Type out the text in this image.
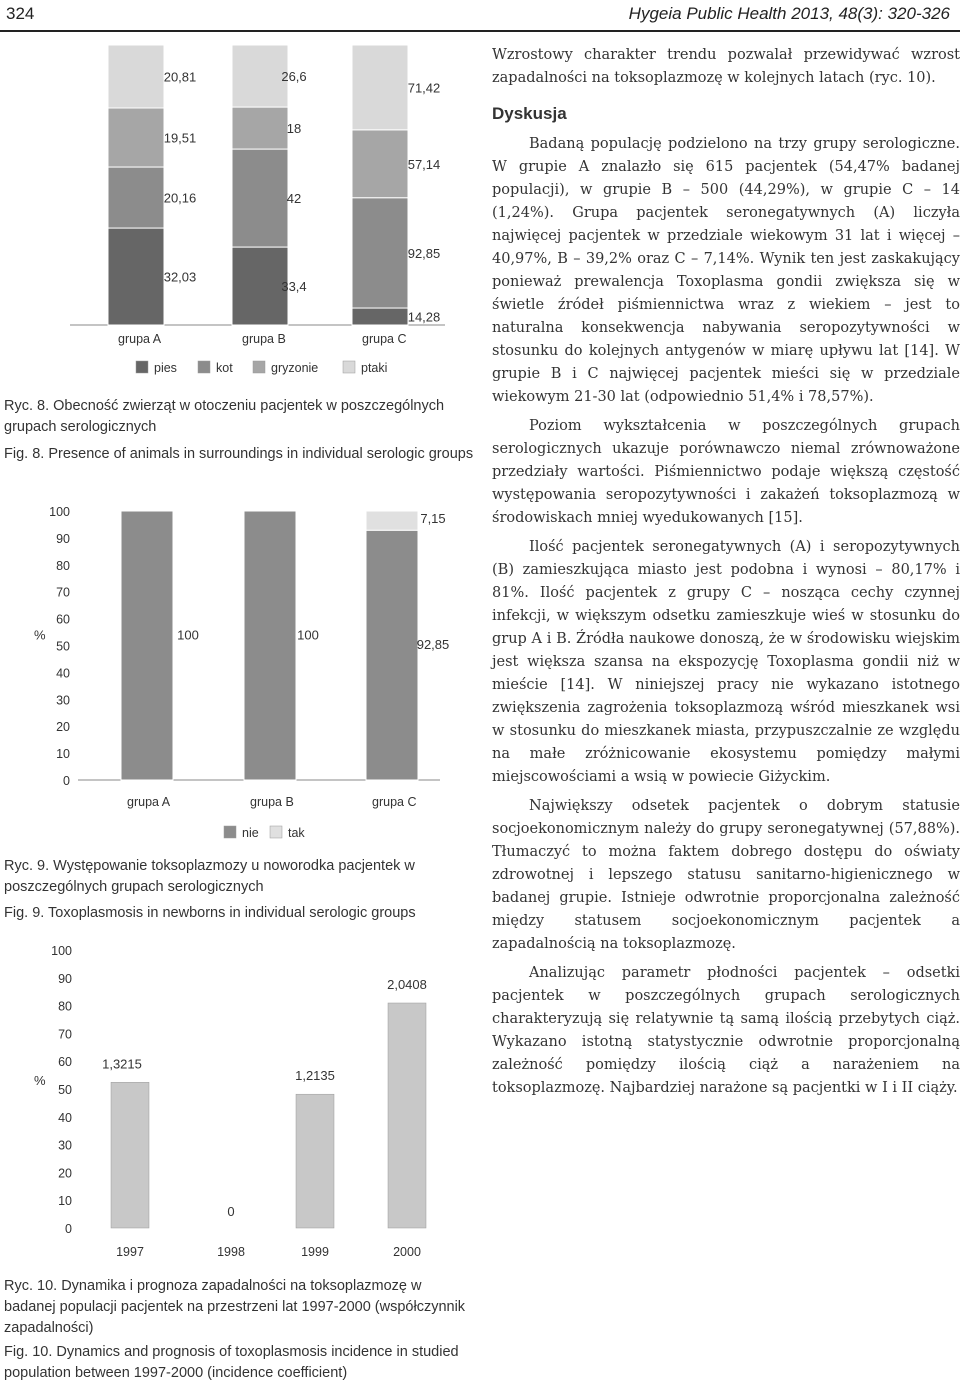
324	Hygeia Public Health 2013, 48(3): 320-326
32,03
20,16
19,51
20,81
grupa A
33,4
42
18
26,6
grupa B
14,28
92,85
57,14
71,42
grupa C
pies	kot	gryzonie	ptaki

Ryc. 8. Obecność zwierząt w otoczeniu pacjentek w poszczególnych grupach serologicznych

Fig. 8. Presence of animals in surroundings in individual serologic groups

0
10
20
30
40
50
60
70
80
90
100
%	100
grupa A
100
grupa B
92,85
7,15
grupa C
nie tak

Ryc. 9. Występowanie toksoplazmozy u noworodka pacjentek w poszczególnych grupach serologicznych

Fig. 9. Toxoplasmosis in newborns in individual serologic groups

0
10
20
30
40
50
60
70
80
90
100
%
1,3215
1997
0
1998
1,2135
1999
2,0408
2000

Ryc. 10. Dynamika i prognoza zapadalności na toksoplazmozę w badanej populacji pacjentek na przestrzeni lat 1997-2000 (współczynnik zapadalności)

Fig. 10. Dynamics and prognosis of toxoplasmosis incidence in studied population between 1997-2000 (incidence coefficient)

Wzrostowy charakter trendu pozwalał przewidywać wzrost zapadalności na toksoplazmozę w kolejnych latach (ryc. 10).

Dyskusja

Badaną populację podzielono na trzy grupy serologiczne. W grupie A znalazło się 615 pacjentek (54,47% badanej populacji), w grupie B – 500 (44,29%), w grupie C – 14 (1,24%). Grupa pacjentek seronegatywnych (A) liczyła najwięcej pacjentek w przedziale wiekowym 31 lat i więcej – 40,97%, B – 39,2% oraz C – 7,14%. Wynik ten jest zaskakujący ponieważ prewalencja Toxoplasma gondii zwiększa się w świetle źródeł piśmiennictwa wraz z wiekiem – jest to naturalna konsekwencja nabywania seropozytywności w stosunku do kolejnych antygenów w miarę upływu lat [14]. W grupie B i C najwięcej pacjentek mieści się w przedziale wiekowym 21-30 lat (odpowiednio 51,4% i 78,57%).

Poziom wykształcenia w poszczególnych grupach serologicznych ukazuje porównawczo niemal zrównoważone przedziały wartości. Piśmiennictwo podaje większą częstość występowania seropozytywności i zakażeń toksoplazmozą w środowiskach mniej wyedukowanych [15].

Ilość pacjentek seronegatywnych (A) i seropozytywnych (B) zamieszkująca miasto jest podobna i wynosi – 80,17% i 81%. Ilość pacjentek z grupy C – nosząca cechy czynnej infekcji, w większym odsetku zamieszkuje wieś w stosunku do grup A i B. Źródła naukowe donoszą, że w środowisku wiejskim jest większa szansa na ekspozycję Toxoplasma gondii niż w mieście [14]. W niniejszej pracy nie wykazano istotnego zwiększenia zagrożenia toksoplazmozą wśród mieszkanek wsi w stosunku do mieszkanek miasta, przypuszczalnie ze względu na małe zróżnicowanie ekosystemu pomiędzy małymi miejscowościami a wsią w powiecie Giżyckim.

Największy odsetek pacjentek o dobrym statusie socjoekonomicznym należy do grupy seronegatywnej (57,88%). Tłumaczyć to można faktem dobrego dostępu do oświaty zdrowotnej i lepszego statusu sanitarno-higienicznego w badanej grupie. Istnieje odwrotnie proporcjonalna zależność między statusem socjoekonomicznym pacjentek a zapadalnością na toksoplazmozę.

Analizując parametr płodności pacjentek – odsetki pacjentek w poszczególnych grupach serologicznych charakteryzują się relatywnie tą samą ilością przebytych ciąż. Wykazano istotną statystycznie odwrotnie proporcjonalną zależność pomiędzy ilością ciąż a narażeniem na toksoplazmozę. Najbardziej narażone są pacjentki w I i II ciąży.
